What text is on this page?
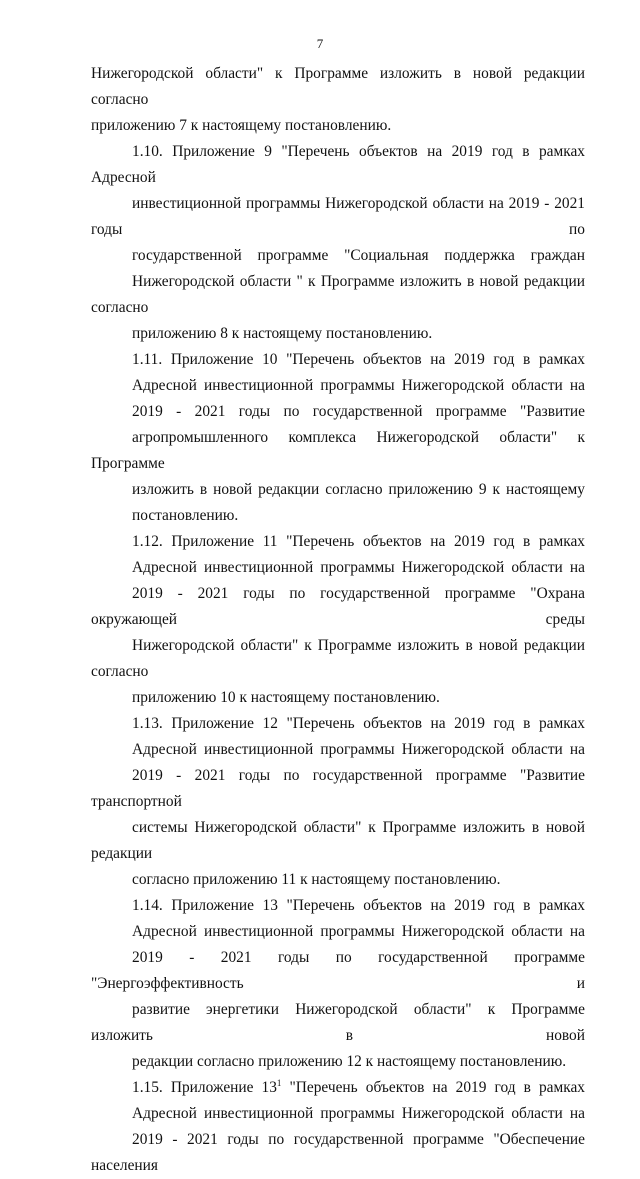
7
Нижегородской области" к Программе изложить в новой редакции согласно
приложению 7 к настоящему постановлению.
1.10. Приложение 9 "Перечень объектов на 2019 год в рамках Адресной
инвестиционной программы Нижегородской области на 2019 - 2021 годы по
государственной программе "Социальная поддержка граждан
Нижегородской области " к Программе изложить в новой редакции согласно
приложению 8 к настоящему постановлению.
1.11. Приложение 10 "Перечень объектов на 2019 год в рамках
Адресной инвестиционной программы Нижегородской области на
2019 - 2021 годы по государственной программе "Развитие
агропромышленного комплекса Нижегородской области" к Программе
изложить в новой редакции согласно приложению 9 к настоящему
постановлению.
1.12. Приложение 11 "Перечень объектов на 2019 год в рамках
Адресной инвестиционной программы Нижегородской области на
2019 - 2021 годы по государственной программе "Охрана окружающей среды
Нижегородской области" к Программе изложить в новой редакции согласно
приложению 10 к настоящему постановлению.
1.13. Приложение 12 "Перечень объектов на 2019 год в рамках
Адресной инвестиционной программы Нижегородской области на
2019 - 2021 годы по государственной программе "Развитие транспортной
системы Нижегородской области" к Программе изложить в новой редакции
согласно приложению 11 к настоящему постановлению.
1.14. Приложение 13 "Перечень объектов на 2019 год в рамках
Адресной инвестиционной программы Нижегородской области на
2019 - 2021 годы по государственной программе "Энергоэффективность и
развитие энергетики Нижегородской области" к Программе изложить в новой
редакции согласно приложению 12 к настоящему постановлению.
1.15. Приложение $13^1$ "Перечень объектов на 2019 год в рамках
Адресной инвестиционной программы Нижегородской области на
2019 - 2021 годы по государственной программе "Обеспечение населения
